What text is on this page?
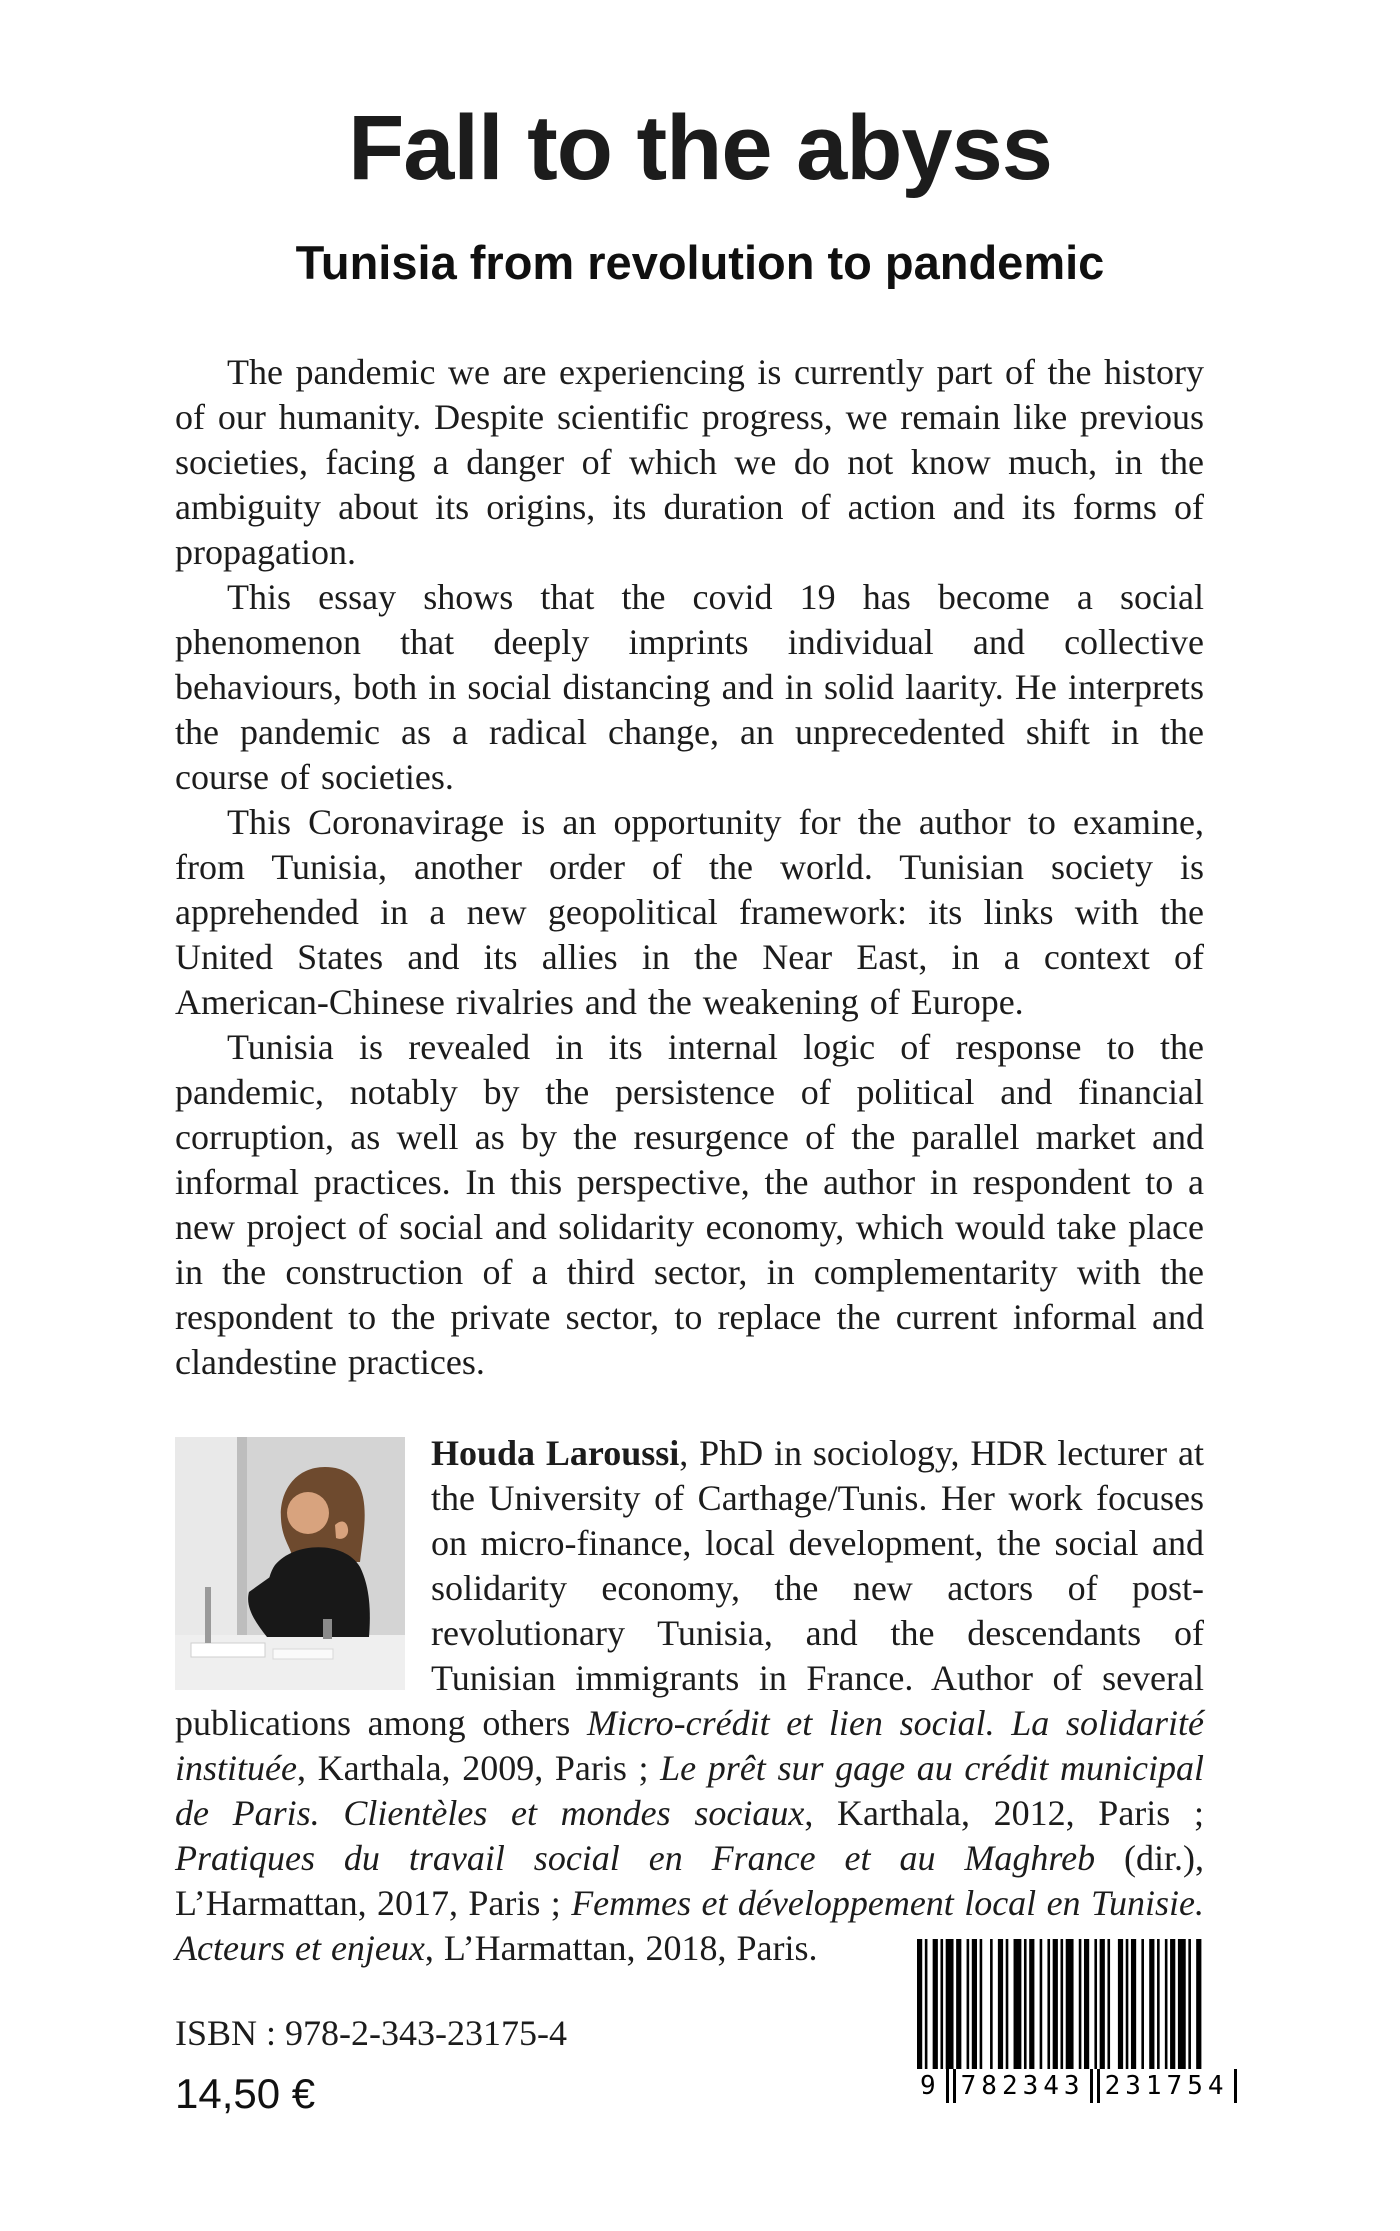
Fall to the abyss
Tunisia from revolution to pandemic

The pandemic we are experiencing is currently part of the history of our humanity. Despite scientific progress, we remain like previous societies, facing a danger of which we do not know much, in the ambiguity about its origins, its duration of action and its forms of propagation.

This essay shows that the covid 19 has become a social phenomenon that deeply imprints individual and collective behaviours, both in social distancing and in solid laarity. He interprets the pandemic as a radical change, an unprecedented shift in the course of societies.

This Coronavirage is an opportunity for the author to examine, from Tunisia, another order of the world. Tunisian society is apprehended in a new geopolitical framework: its links with the United States and its allies in the Near East, in a context of American-Chinese rivalries and the weakening of Europe.

Tunisia is revealed in its internal logic of response to the pandemic, notably by the persistence of political and financial corruption, as well as by the resurgence of the parallel market and informal practices. In this perspective, the author in respondent to a new project of social and solidarity economy, which would take place in the construction of a third sector, in complementarity with the respondent to the private sector, to replace the current informal and clandestine practices.

Houda Laroussi, PhD in sociology, HDR lecturer at the University of Carthage/Tunis. Her work focuses on micro-finance, local development, the social and solidarity economy, the new actors of post-revolutionary Tunisia, and the descendants of Tunisian immigrants in France. Author of several publications among others Micro-crédit et lien social. La solidarité instituée, Karthala, 2009, Paris ; Le prêt sur gage au crédit municipal de Paris. Clientèles et mondes sociaux, Karthala, 2012, Paris ; Pratiques du travail social en France et au Maghreb (dir.), L’Harmattan, 2017, Paris ; Femmes et développement local en Tunisie. Acteurs et enjeux, L’Harmattan, 2018, Paris.
ISBN : 978-2-343-23175-4
14,50 €	9 782343 231754
